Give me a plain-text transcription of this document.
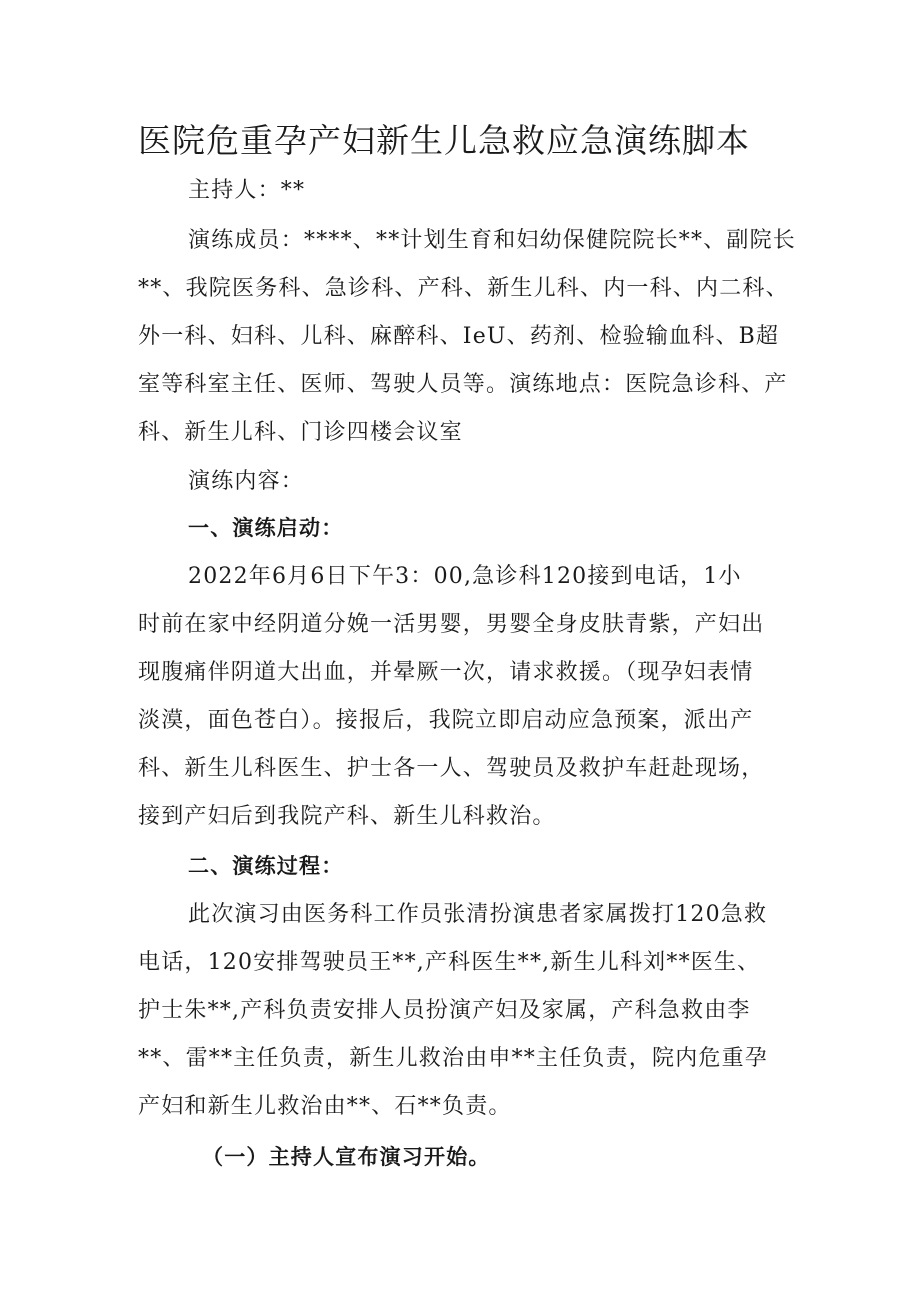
医院危重孕产妇新生儿急救应急演练脚本
主持人：**
演练成员：****、**计划生育和妇幼保健院院长**、副院长
**、我院医务科、急诊科、产科、新生儿科、内一科、内二科、
外一科、妇科、儿科、麻醉科、IeU、药剂、检验输血科、B超
室等科室主任、医师、驾驶人员等。演练地点：医院急诊科、产
科、新生儿科、门诊四楼会议室
演练内容：
一、演练启动：
2022年6月6日下午3：00,急诊科120接到电话，1小
时前在家中经阴道分娩一活男婴，男婴全身皮肤青紫，产妇出
现腹痛伴阴道大出血，并晕厥一次，请求救援。（现孕妇表情
淡漠，面色苍白）。接报后，我院立即启动应急预案，派出产
科、新生儿科医生、护士各一人、驾驶员及救护车赶赴现场，
接到产妇后到我院产科、新生儿科救治。
二、演练过程：
此次演习由医务科工作员张清扮演患者家属拨打120急救
电话，120安排驾驶员王**,产科医生**,新生儿科刘**医生、
护士朱**,产科负责安排人员扮演产妇及家属，产科急救由李
**、雷**主任负责，新生儿救治由申**主任负责，院内危重孕
产妇和新生儿救治由**、石**负责。
（一）主持人宣布演习开始。
